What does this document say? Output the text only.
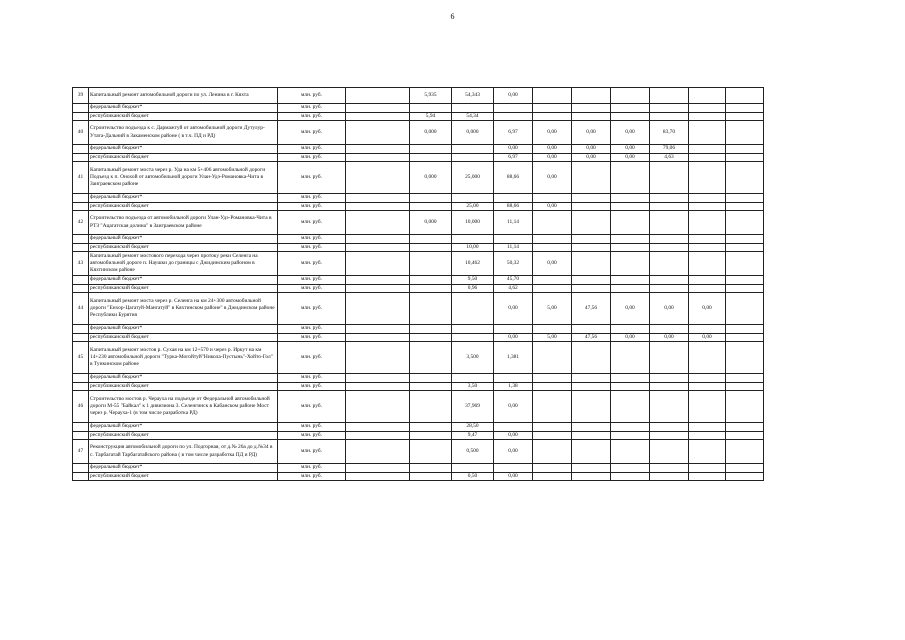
6
39	Капитальный ремонт автомобильной дороги по ул. Ленина в г. Кяхта	млн. руб.		5,935	54,343	0,00						
	федеральный бюджет*	млн. руб.										
	республиканский бюджет	млн. руб.		5,94	54,34							
40	Строительство подъезда к с. Дармажтуй от автомобильной дороги Дутулур-Утата-Дальний в Закаменском районе ( в т.ч. ПД и РД)	млн. руб.		0,000	0,000	6,97	0,00	0,00	0,00	83,70		
	федеральный бюджет*	млн. руб.				0,00	0,00	0,00	0,00	79,06		
	республиканский бюджет	млн. руб.				6,97	0,00	0,00	0,00	4,63		
41	Капитальный ремонт моста через р. Уда на км 5+406 автомобильной дороги Подъезд к п. Онохой от автомобильной дороги Улан-Удэ-Романовка-Чита в Заиграевском районе	млн. руб.		0,000	25,000	88,66	0,00					
	федеральный бюджет*	млн. руб.										
	республиканский бюджет	млн. руб.			25,00	88,66	0,00					
42	Строительство подъезда от автомобильной дороги Улан-Удэ-Романовка-Чита в РТЗ "Ацагатская долина" в Заиграевском районе	млн. руб.		0,000	10,000	11,14						
	федеральный бюджет*	млн. руб.										
	республиканский бюджет	млн. руб.			10,00	11,14						
43	Капитальный ремонт мостового перехода через протоку реки Селенга на автомобильной дороге п. Наушки до границы с Джидинским районом в Кяхтинском районе	млн. руб.			10,462	50,32	0,00					
	федеральный бюджет*	млн. руб.			9,50	45,70						
	республиканский бюджет	млн. руб.			0,96	4,62						
44	Капитальный ремонт моста через р. Селенга на км 24+300 автомобильной дороги "Енхор-Цагатуй-Мангатуй" в Кяхтинском районе" в Джидинском районе Республики Бурятия	млн. руб.				0,00	5,00	47,56	0,00	0,00	0,00	
	федеральный бюджет*	млн. руб.										
	республиканский бюджет	млн. руб.				0,00	5,00	47,56	0,00	0,00	0,00	
45	Капитальный ремонт мостов р. Сухая на км 12+570 и через р. Иркут на км 14+230 автомобильной дороги "Турка-Могойтуй"Никола-Пустынь"-Хойто-Гол" в Тункинском районе	млн. руб.			3,500	1,381						
	федеральный бюджет*	млн. руб.										
	республиканский бюджет	млн. руб.			3,50	1,38						
46	Строительство мостов р. Черауха на подъезде от Федеральной автомобильной дороги М-55 "Байкал" к 1 дивизиона 3. Селенгинск в Кабанском районе Мост через р. Черауха-1 (в том числе разработка РД)	млн. руб.			37,969	0,00						
	федеральный бюджет*	млн. руб.			28,50							
	республиканский бюджет	млн. руб.			9,47	0,00						
47	Реконструкция автомобильной дороги по ул. Подгорная, от д.№ 26а до д.№34 в с. Тарбагатай Тарбагатайского района ( в том числе разработка ПД и РД)	млн. руб.			0,500	0,00						
	федеральный бюджет*	млн. руб.										
	республиканский бюджет	млн. руб.			0,50	0,00						
